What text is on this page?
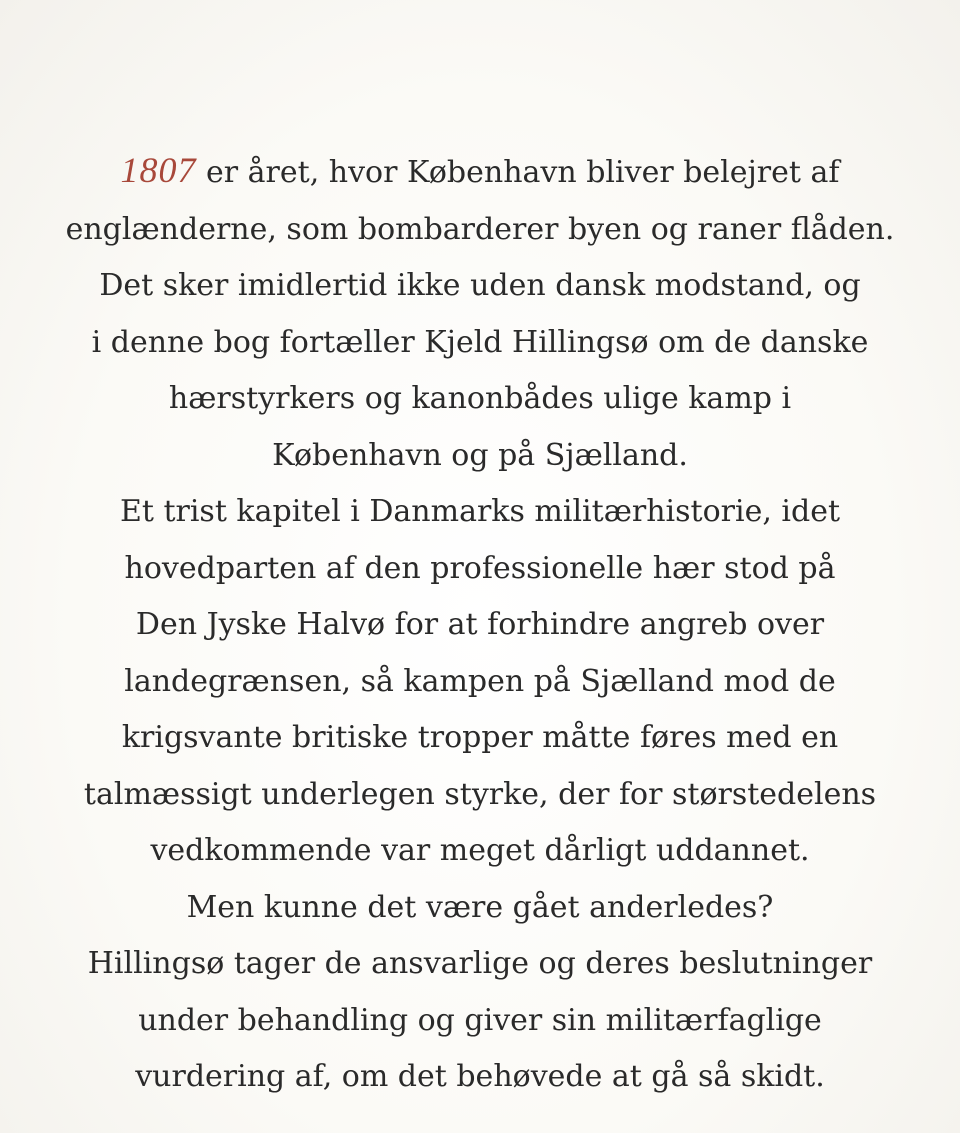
1807 er året, hvor København bliver belejret af
englænderne, som bombarderer byen og raner flåden.
Det sker imidlertid ikke uden dansk modstand, og
i denne bog fortæller Kjeld Hillingsø om de danske
hærstyrkers og kanonbådes ulige kamp i
København og på Sjælland.
Et trist kapitel i Danmarks militærhistorie, idet
hovedparten af den professionelle hær stod på
Den Jyske Halvø for at forhindre angreb over
landegrænsen, så kampen på Sjælland mod de
krigsvante britiske tropper måtte føres med en
talmæssigt underlegen styrke, der for størstedelens
vedkommende var meget dårligt uddannet.
Men kunne det være gået anderledes?
Hillingsø tager de ansvarlige og deres beslutninger
under behandling og giver sin militærfaglige
vurdering af, om det behøvede at gå så skidt.
